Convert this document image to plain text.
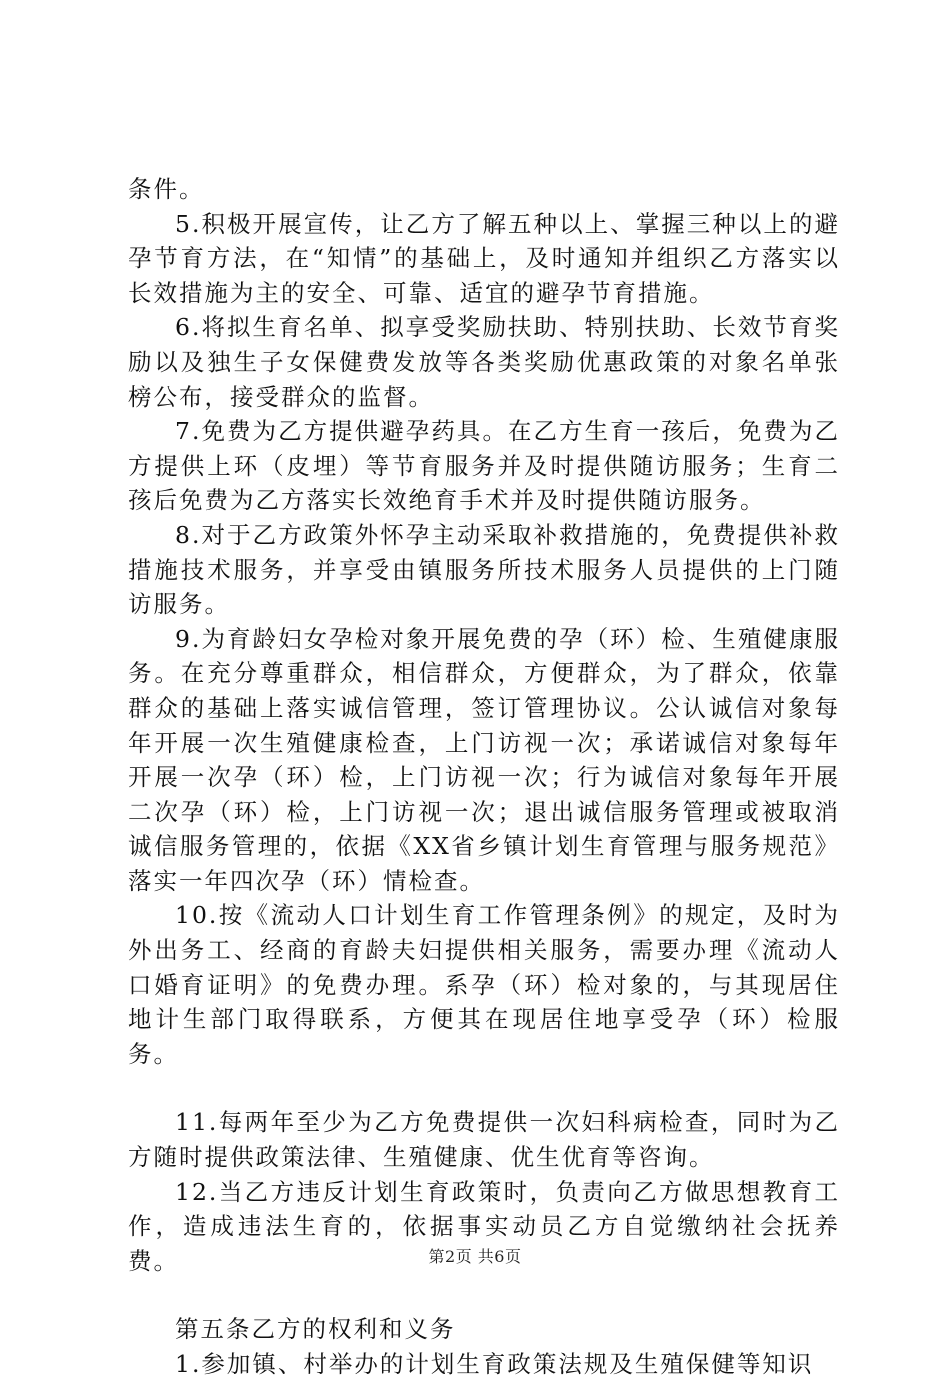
条件。

5.积极开展宣传，让乙方了解五种以上、掌握三种以上的避孕节育方法，在“知情”的基础上，及时通知并组织乙方落实以长效措施为主的安全、可靠、适宜的避孕节育措施。

6.将拟生育名单、拟享受奖励扶助、特别扶助、长效节育奖励以及独生子女保健费发放等各类奖励优惠政策的对象名单张榜公布，接受群众的监督。

7.免费为乙方提供避孕药具。在乙方生育一孩后，免费为乙方提供上环（皮埋）等节育服务并及时提供随访服务；生育二孩后免费为乙方落实长效绝育手术并及时提供随访服务。

8.对于乙方政策外怀孕主动采取补救措施的，免费提供补救措施技术服务，并享受由镇服务所技术服务人员提供的上门随访服务。

9.为育龄妇女孕检对象开展免费的孕（环）检、生殖健康服务。在充分尊重群众，相信群众，方便群众，为了群众，依靠群众的基础上落实诚信管理，签订管理协议。公认诚信对象每年开展一次生殖健康检查，上门访视一次；承诺诚信对象每年开展一次孕（环）检，上门访视一次；行为诚信对象每年开展二次孕（环）检，上门访视一次；退出诚信服务管理或被取消诚信服务管理的，依据《XX省乡镇计划生育管理与服务规范》落实一年四次孕（环）情检查。

10.按《流动人口计划生育工作管理条例》的规定，及时为外出务工、经商的育龄夫妇提供相关服务，需要办理《流动人口婚育证明》的免费办理。系孕（环）检对象的，与其现居住地计生部门取得联系，方便其在现居住地享受孕（环）检服务。

11.每两年至少为乙方免费提供一次妇科病检查，同时为乙方随时提供政策法律、生殖健康、优生优育等咨询。

12.当乙方违反计划生育政策时，负责向乙方做思想教育工作，造成违法生育的，依据事实动员乙方自觉缴纳社会抚养费。

第五条乙方的权利和义务

1.参加镇、村举办的计划生育政策法规及生殖保健等知识

第2页 共6页
